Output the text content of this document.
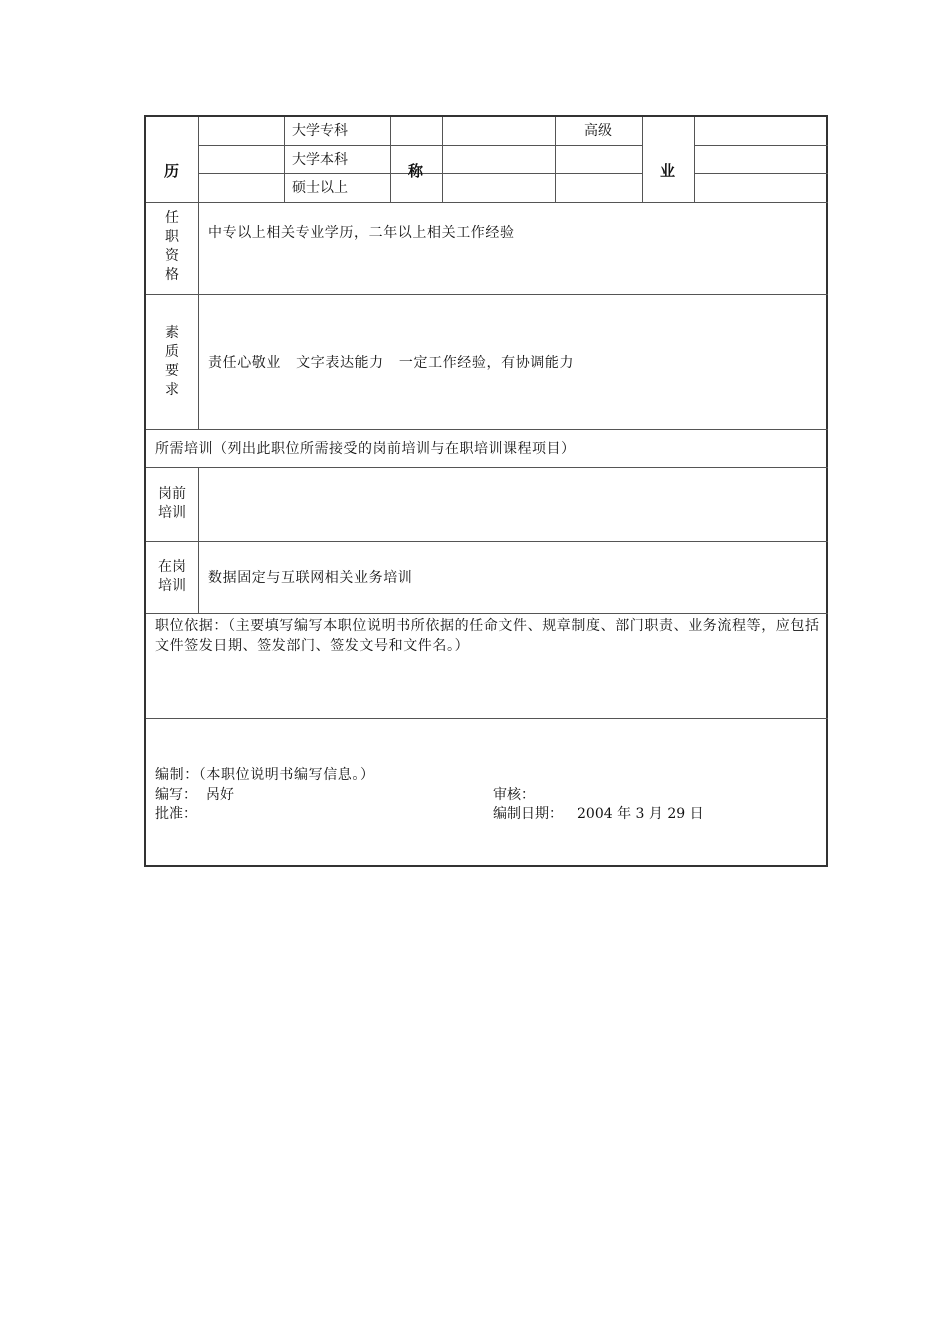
历
大学专科
大学本科
硕士以上
称
高级
业
任职资格
中专以上相关专业学历，二年以上相关工作经验
素质要求
责任心敬业   文字表达能力   一定工作经验，有协调能力
所需培训（列出此职位所需接受的岗前培训与在职培训课程项目）
岗前培训
在岗培训 数据固定与互联网相关业务培训
职位依据：（主要填写编写本职位说明书所依据的任命文件、规章制度、部门职责、业务流程等，应包括文件签发日期、签发部门、签发文号和文件名。）
编制：（本职位说明书编写信息。）
编写： 呙好	审核：
批准：	编制日期： 2004 年 3 月 29 日
